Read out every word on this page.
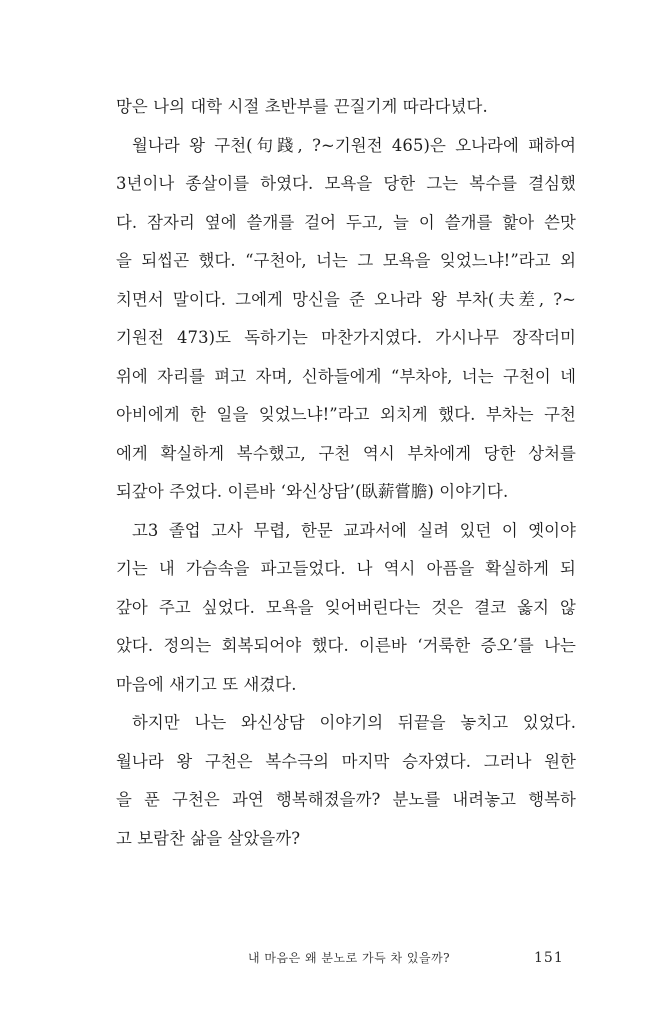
망은 나의 대학 시절 초반부를 끈질기게 따라다녔다.
월나라 왕 구천(句踐, ?~기원전 465)은 오나라에 패하여
3년이나 종살이를 하였다. 모욕을 당한 그는 복수를 결심했
다. 잠자리 옆에 쓸개를 걸어 두고, 늘 이 쓸개를 핥아 쓴맛
을 되씹곤 했다. “구천아, 너는 그 모욕을 잊었느냐!”라고 외
치면서 말이다. 그에게 망신을 준 오나라 왕 부차(夫差, ?~
기원전 473)도 독하기는 마찬가지였다. 가시나무 장작더미
위에 자리를 펴고 자며, 신하들에게 “부차야, 너는 구천이 네
아비에게 한 일을 잊었느냐!”라고 외치게 했다. 부차는 구천
에게 확실하게 복수했고, 구천 역시 부차에게 당한 상처를
되갚아 주었다. 이른바 ‘와신상담’(臥薪嘗膽) 이야기다.
고3 졸업 고사 무렵, 한문 교과서에 실려 있던 이 옛이야
기는 내 가슴속을 파고들었다. 나 역시 아픔을 확실하게 되
갚아 주고 싶었다. 모욕을 잊어버린다는 것은 결코 옳지 않
았다. 정의는 회복되어야 했다. 이른바 ‘거룩한 증오’를 나는
마음에 새기고 또 새겼다.
하지만 나는 와신상담 이야기의 뒤끝을 놓치고 있었다.
월나라 왕 구천은 복수극의 마지막 승자였다. 그러나 원한
을 푼 구천은 과연 행복해졌을까? 분노를 내려놓고 행복하
고 보람찬 삶을 살았을까?
내 마음은 왜 분노로 가득 차 있을까?	151
